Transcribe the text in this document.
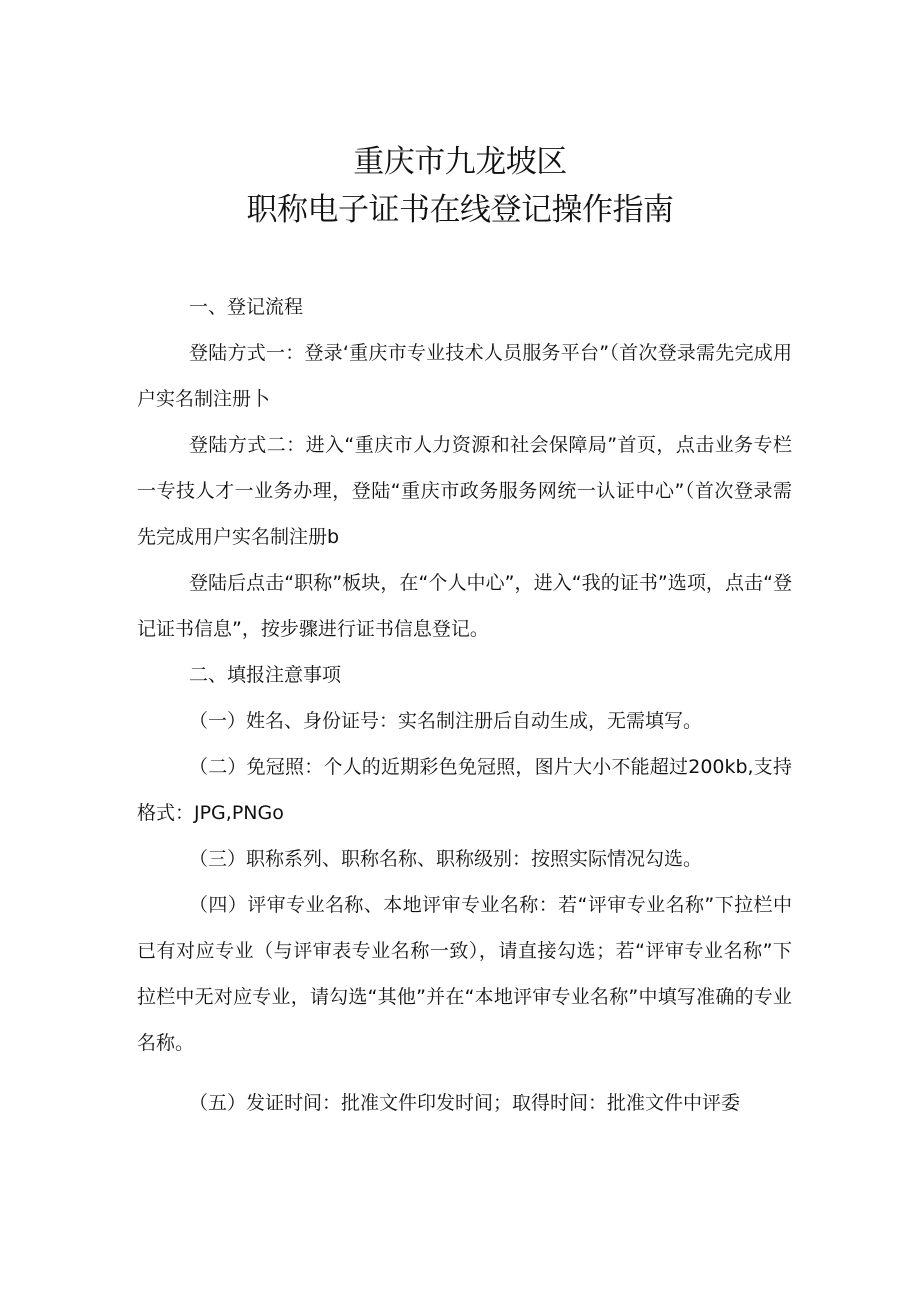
重庆市九龙坡区
职称电子证书在线登记操作指南

一、登记流程

登陆方式一：登录‘重庆市专业技术人员服务平台”（首次登录需先完成用户实名制注册卜

登陆方式二：进入“重庆市人力资源和社会保障局”首页，点击业务专栏一专技人才一业务办理，登陆“重庆市政务服务网统一认证中心”（首次登录需先完成用户实名制注册b

登陆后点击“职称”板块，在“个人中心”，进入“我的证书”选项，点击“登记证书信息”，按步骤进行证书信息登记。

二、填报注意事项

（一）姓名、身份证号：实名制注册后自动生成，无需填写。

（二）免冠照：个人的近期彩色免冠照，图片大小不能超过200kb,支持格式：JPG,PNGo

（三）职称系列、职称名称、职称级别：按照实际情况勾选。

（四）评审专业名称、本地评审专业名称：若“评审专业名称”下拉栏中已有对应专业（与评审表专业名称一致），请直接勾选；若“评审专业名称”下拉栏中无对应专业，请勾选“其他”并在“本地评审专业名称”中填写准确的专业名称。

（五）发证时间：批准文件印发时间；取得时间：批准文件中评委
